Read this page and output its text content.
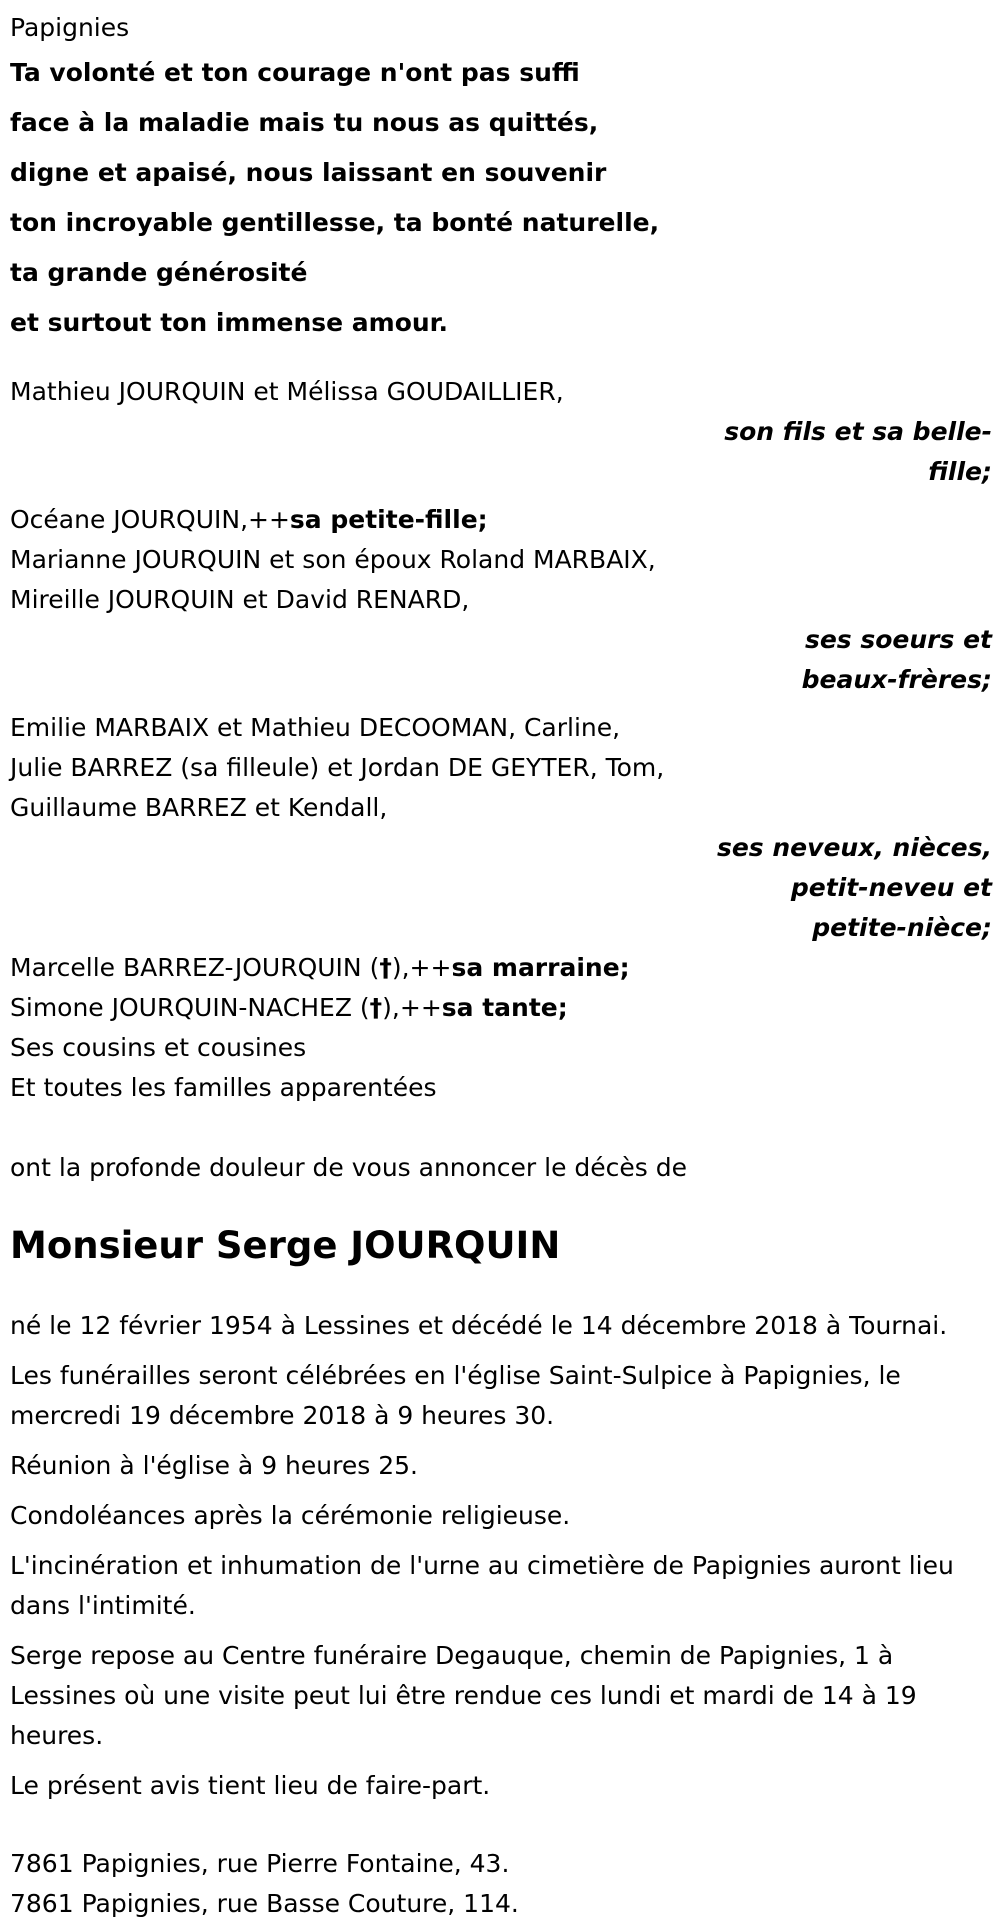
Papignies

Ta volonté et ton courage n'ont pas suffi

face à la maladie mais tu nous as quittés,

digne et apaisé, nous laissant en souvenir

ton incroyable gentillesse, ta bonté naturelle,

ta grande générosité

et surtout ton immense amour.

Mathieu JOURQUIN et Mélissa GOUDAILLIER,

son fils et sa belle-
fille;

Océane JOURQUIN,++sa petite-fille;

Marianne JOURQUIN et son époux Roland MARBAIX,

Mireille JOURQUIN et David RENARD,

ses soeurs et
beaux-frères;

Emilie MARBAIX et Mathieu DECOOMAN, Carline,

Julie BARREZ (sa filleule) et Jordan DE GEYTER, Tom,

Guillaume BARREZ et Kendall,

ses neveux, nièces,
petit-neveu et
petite-nièce;

Marcelle BARREZ-JOURQUIN (†),++sa marraine;

Simone JOURQUIN-NACHEZ (†),++sa tante;

Ses cousins et cousines

Et toutes les familles apparentées

ont la profonde douleur de vous annoncer le décès de

Monsieur Serge JOURQUIN

né le 12 février 1954 à Lessines et décédé le 14 décembre 2018 à Tournai.

Les funérailles seront célébrées en l'église Saint-Sulpice à Papignies, le mercredi 19 décembre 2018 à 9 heures 30.

Réunion à l'église à 9 heures 25.

Condoléances après la cérémonie religieuse.

L'incinération et inhumation de l'urne au cimetière de Papignies auront lieu dans l'intimité.

Serge repose au Centre funéraire Degauque, chemin de Papignies, 1 à Lessines où une visite peut lui être rendue ces lundi et mardi de 14 à 19 heures.

Le présent avis tient lieu de faire-part.

7861 Papignies, rue Pierre Fontaine, 43.

7861 Papignies, rue Basse Couture, 114.
